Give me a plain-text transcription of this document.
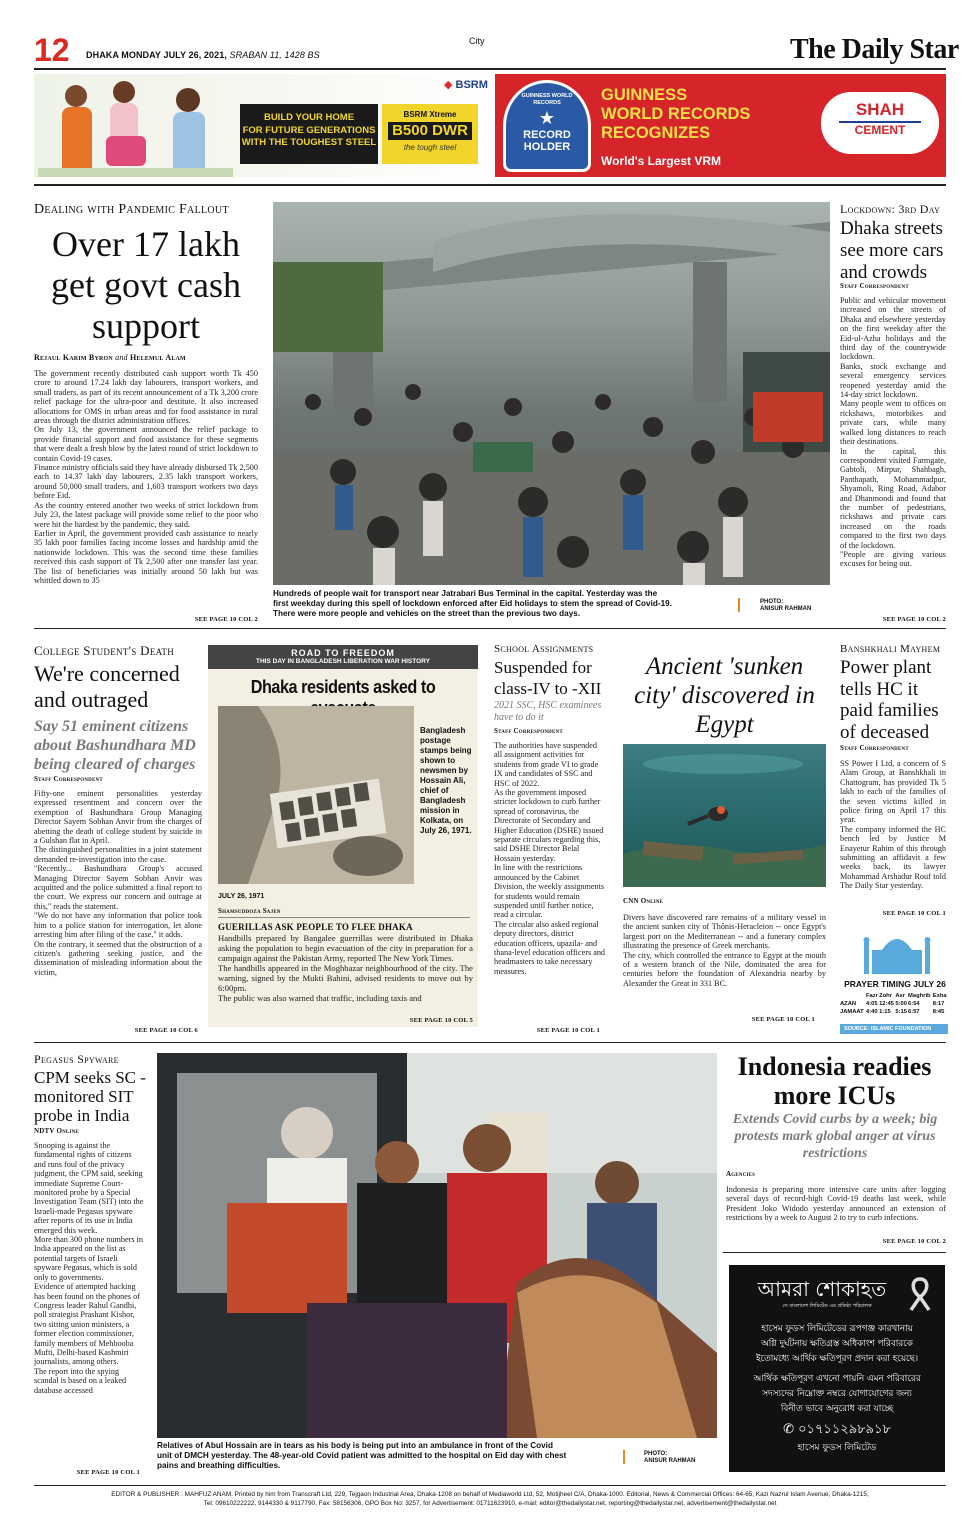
12 DHAKA MONDAY JULY 26, 2021, SRABAN 11, 1428 BS
City	The Daily Star
◆ BSRM
BUILD YOUR HOME
FOR FUTURE GENERATIONS
WITH THE TOUGHEST STEEL
BSRM Xtreme
B500 DWR
the tough steel
GUINNESS WORLD RECORDS
★
RECORD
HOLDER
GUINNESS
WORLD RECORDS
RECOGNIZES
World's Largest VRM
SHAH
CEMENT
Dealing with Pandemic Fallout
Over 17 lakh get govt cash support
Rejaul Karim Byron and Helemul Alam
The government recently distributed cash support worth Tk 450 crore to around 17.24 lakh day labourers, transport workers, and small traders, as part of its recent announcement of a Tk 3,200 crore relief package for the ultra-poor and destitute. It also increased allocations for OMS in urban areas and for food assistance in rural areas through the district administration offices.
On July 13, the government announced the relief package to provide financial support and food assistance for these segments that were dealt a fresh blow by the latest round of strict lockdown to contain Covid-19 cases.
Finance ministry officials said they have already disbursed Tk 2,500 each to 14.37 lakh day labourers, 2.35 lakh transport workers, around 50,000 small traders, and 1,603 transport workers two days before Eid.
As the country entered another two weeks of strict lockdown from July 23, the latest package will provide some relief to the poor who were hit the hardest by the pandemic, they said.
Earlier in April, the government provided cash assistance to nearly 35 lakh poor families facing income losses and hardship amid the nationwide lockdown. This was the second time these families received this cash support of Tk 2,500 after one transfer last year. The list of beneficiaries was initially around 50 lakh but was whittled down to 35
SEE PAGE 10 COL 2
Hundreds of people wait for transport near Jatrabari Bus Terminal in the capital. Yesterday was the first weekday during this spell of lockdown enforced after Eid holidays to stem the spread of Covid-19. There were more people and vehicles on the street than the previous two days.
PHOTO:
ANISUR RAHMAN
Lockdown: 3rd Day
Dhaka streets see more cars and crowds
Staff Correspondent
Public and vehicular movement increased on the streets of Dhaka and elsewhere yesterday on the first weekday after the Eid-ul-Azha holidays and the third day of the countrywide lockdown.
Banks, stock exchange and several emergency services reopened yesterday amid the 14-day strict lockdown.
Many people went to offices on rickshaws, motorbikes and private cars, while many walked long distances to reach their destinations.
In the capital, this correspondent visited Farmgate, Gabtoli, Mirpur, Shahbagh, Panthapath, Mohammadpur, Shyamoli, Ring Road, Adabor and Dhanmondi and found that the number of pedestrians, rickshaws and private cars increased on the roads compared to the first two days of the lockdown.
"People are giving various excuses for being out.
SEE PAGE 10 COL 2
College Student's Death
We're concerned and outraged
Say 51 eminent citizens about Bashundhara MD being cleared of charges
Staff Correspondent
Fifty-one eminent personalities yesterday expressed resentment and concern over the exemption of Bashundhara Group Managing Director Sayem Sobhan Anvir from the charges of abetting the death of college student by suicide in a Gulshan flat in April.
The distinguished personalities in a joint statement demanded re-investigation into the case.
"Recently... Bashundhara Group's accused Managing Director Sayem Sobhan Anvir was acquitted and the police submitted a final report to the court. We express our concern and outrage at this," reads the statement.
"We do not have any information that police took him to a police station for interrogation, let alone arresting him after filing of the case," it adds.
On the contrary, it seemed that the obstruction of a citizen's gathering seeking justice, and the dissemination of misleading information about the victim,
SEE PAGE 10 COL 6
ROAD TO FREEDOM
THIS DAY IN BANGLADESH LIBERATION WAR HISTORY
Dhaka residents asked to
Bangladesh postage stamps being shown to newsmen by Hossain Ali, chief of Bangladesh mission in Kolkata, on July 26, 1971.
JULY 26, 1971
Shamsuddoza Sajen
GUERILLAS ASK PEOPLE TO FLEE DHAKA
Handbills prepared by Bangalee guerrillas were distributed in Dhaka asking the population to begin evacuation of the city in preparation for a campaign against the Pakistan Army, reported The New York Times.
The handbills appeared in the Moghbazar neighbourhood of the city. The warning, signed by the Mukti Bahini, advised residents to move out by 6:00pm.
The public was also warned that traffic, including taxis and
SEE PAGE 10 COL 5
School Assignments
Suspended for class-IV to -XII
2021 SSC, HSC examinees have to do it
Staff Correspondent
The authorities have suspended all assignment activities for students from grade VI to grade IX and candidates of SSC and HSC of 2022.
As the government imposed stricter lockdown to curb further spread of coronavirus, the Directorate of Secondary and Higher Education (DSHE) issued separate circulars regarding this, said DSHE Director Belal Hossain yesterday.
In line with the restrictions announced by the Cabinet Division, the weekly assignments for students would remain suspended until further notice, read a circular.
The circular also asked regional deputy directors, district education officers, upazila- and thana-level education officers and headmasters to take necessary measures.
SEE PAGE 10 COL 1
Ancient 'sunken city' discovered in Egypt
CNN Online
Divers have discovered rare remains of a military vessel in the ancient sunken city of Thônis-Heracleion -- once Egypt's largest port on the Mediterranean -- and a funerary complex illustrating the presence of Greek merchants.
The city, which controlled the entrance to Egypt at the mouth of a western branch of the Nile, dominated the area for centuries before the foundation of Alexandria nearby by Alexander the Great in 331 BC.
SEE PAGE 10 COL 1
Banshkhali Mayhem
Power plant tells HC it paid families of deceased
Staff Correspondent
SS Power I Ltd, a concern of S Alam Group, at Banshkhali in Chattogram, has provided Tk 5 lakh to each of the families of the seven victims killed in police firing on April 17 this year.
The company informed the HC bench led by Justice M Enayetur Rahim of this through submitting an affidavit a few weeks back, its lawyer Mohammad Arshadur Rouf told The Daily Star yesterday.
SEE PAGE 10 COL 1
PRAYER TIMING JULY 26
	Fazr	Zohr	Asr	Maghrib	Esha
AZAN	4:05	12:45	5:00	6:54	8:17
JAMAAT	4:40	1:15	5:15	6:57	8:45
SOURCE: ISLAMIC FOUNDATION
Pegasus Spyware
CPM seeks SC -monitored SIT probe in India
NDTV Online
Snooping is against the fundamental rights of citizens and runs foul of the privacy judgment, the CPM said, seeking immediate Supreme Court-monitored probe by a Special Investigation Team (SIT) into the Israeli-made Pegasus spyware after reports of its use in India emerged this week.
More than 300 phone numbers in India appeared on the list as potential targets of Israeli spyware Pegasus, which is sold only to governments.
Evidence of attempted hacking has been found on the phones of Congress leader Rahul Gandhi, poll strategist Prashant Kishor, two sitting union ministers, a former election commissioner, family members of Mehbooba Mufti, Delhi-based Kashmiri journalists, among others.
The report into the spying scandal is based on a leaked database accessed
SEE PAGE 10 COL 1
Relatives of Abul Hossain are in tears as his body is being put into an ambulance in front of the Covid unit of DMCH yesterday. The 48-year-old Covid patient was admitted to the hospital on Eid day with chest pains and breathing difficulties.
PHOTO:
ANISUR RAHMAN
Indonesia readies more ICUs
Extends Covid curbs by a week; big protests mark global anger at virus restrictions
Agencies
Indonesia is preparing more intensive care units after logging several days of record-high Covid-19 deaths last week, while President Joko Widodo yesterday announced an extension of restrictions by a week to August 2 to try to curb infections.
SEE PAGE 10 COL 2
আমরা শোকাহত
সে বাংলাদেশ লিমিটেড এর প্রতিষ্ঠা পরিচালক
হাসেম ফুডস লিমিটেডের রূপগঞ্জ কারখানায়
অগ্নি দুর্ঘটনায় ক্ষতিগ্রস্ত অধিকাংশ পরিবারকে
ইতোমধ্যে আর্থিক ক্ষতিপূরণ প্রদান করা হয়েছে।
আর্থিক ক্ষতিপূরণ এখনো পায়নি এমন পরিবারের
সদস্যদের নিম্নোক্ত নম্বরে যোগাযোগের জন্য
বিনীত ভাবে অনুরোধ করা যাচ্ছে
✆ ০১৭১১২৯৮৯১৮
হাসেম ফুডস লিমিটেড
EDITOR & PUBLISHER : MAHFUZ ANAM. Printed by him from Transcraft Ltd, 229, Tejgaon Industrial Area, Dhaka-1208 on behalf of Mediaworld Ltd, 52, Motijheel C/A, Dhaka-1000. Editorial, News & Commercial Offices: 64-65, Kazi Nazrul Islam Avenue, Dhaka-1215,
Tel: 09610222222, 9144330 & 9117790, Fax: 58156306, GPO Box No: 3257, for Advertisement: 01711623910, e-mail: editor@thedailystar.net, reporting@thedailystar.net, advertisement@thedailystar.net
